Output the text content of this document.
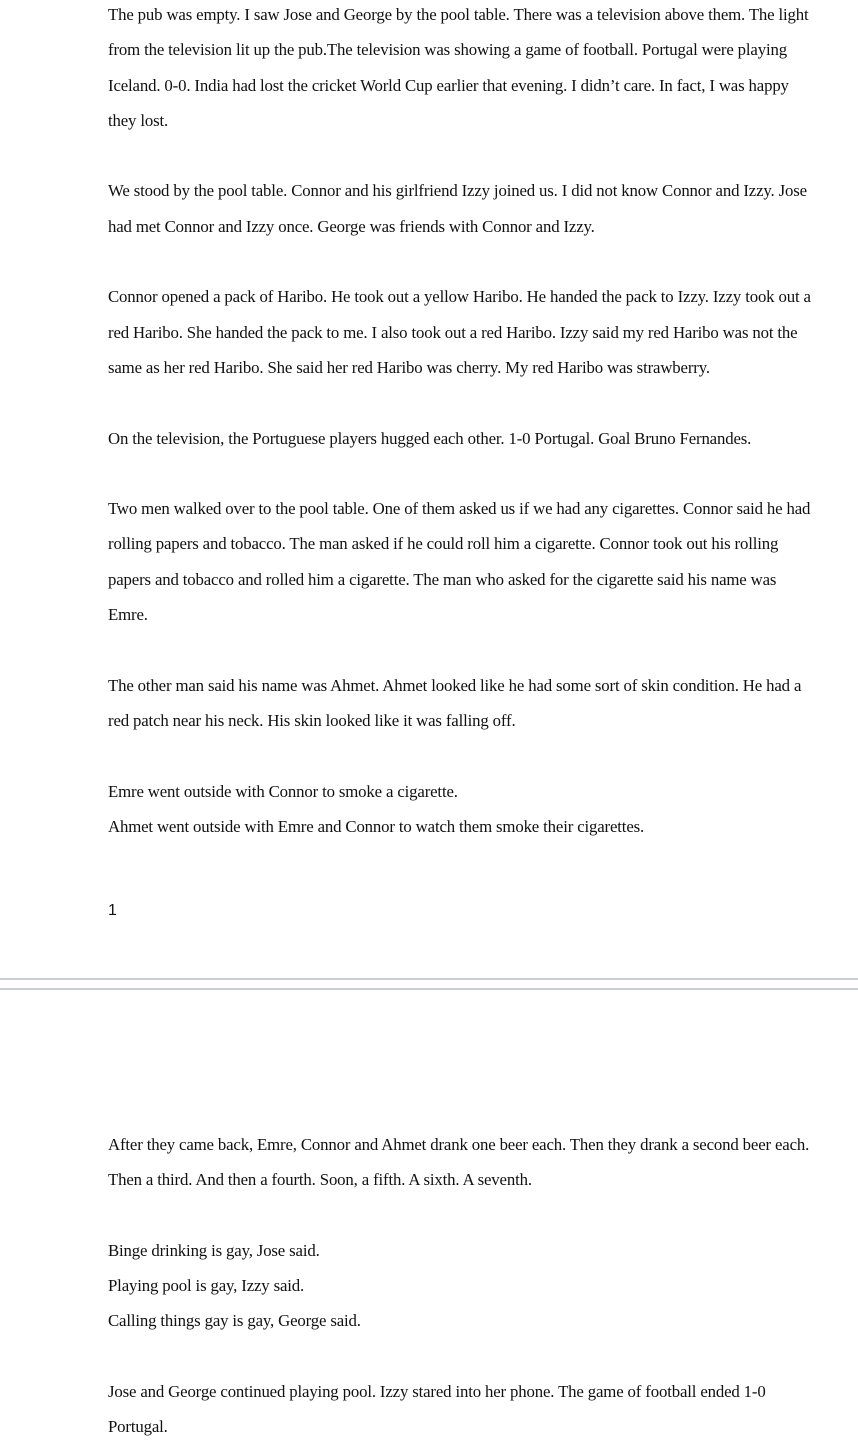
The pub was empty. I saw Jose and George by the pool table. There was a television above them. The light from the television lit up the pub.The television was showing a game of football. Portugal were playing Iceland. 0-0. India had lost the cricket World Cup earlier that evening. I didn’t care. In fact, I was happy they lost.

We stood by the pool table. Connor and his girlfriend Izzy joined us. I did not know Connor and Izzy. Jose had met Connor and Izzy once. George was friends with Connor and Izzy.

Connor opened a pack of Haribo. He took out a yellow Haribo. He handed the pack to Izzy. Izzy took out a red Haribo. She handed the pack to me. I also took out a red Haribo. Izzy said my red Haribo was not the same as her red Haribo. She said her red Haribo was cherry. My red Haribo was strawberry.

On the television, the Portuguese players hugged each other. 1-0 Portugal. Goal Bruno Fernandes.

Two men walked over to the pool table. One of them asked us if we had any cigarettes. Connor said he had rolling papers and tobacco. The man asked if he could roll him a cigarette. Connor took out his rolling papers and tobacco and rolled him a cigarette. The man who asked for the cigarette said his name was Emre.

The other man said his name was Ahmet. Ahmet looked like he had some sort of skin condition. He had a red patch near his neck. His skin looked like it was falling off.

Emre went outside with Connor to smoke a cigarette.

Ahmet went outside with Emre and Connor to watch them smoke their cigarettes.

1

After they came back, Emre, Connor and Ahmet drank one beer each. Then they drank a second beer each. Then a third. And then a fourth. Soon, a fifth. A sixth. A seventh.

Binge drinking is gay, Jose said.

Playing pool is gay, Izzy said.

Calling things gay is gay, George said.

Jose and George continued playing pool. Izzy stared into her phone. The game of football ended 1-0 Portugal.
